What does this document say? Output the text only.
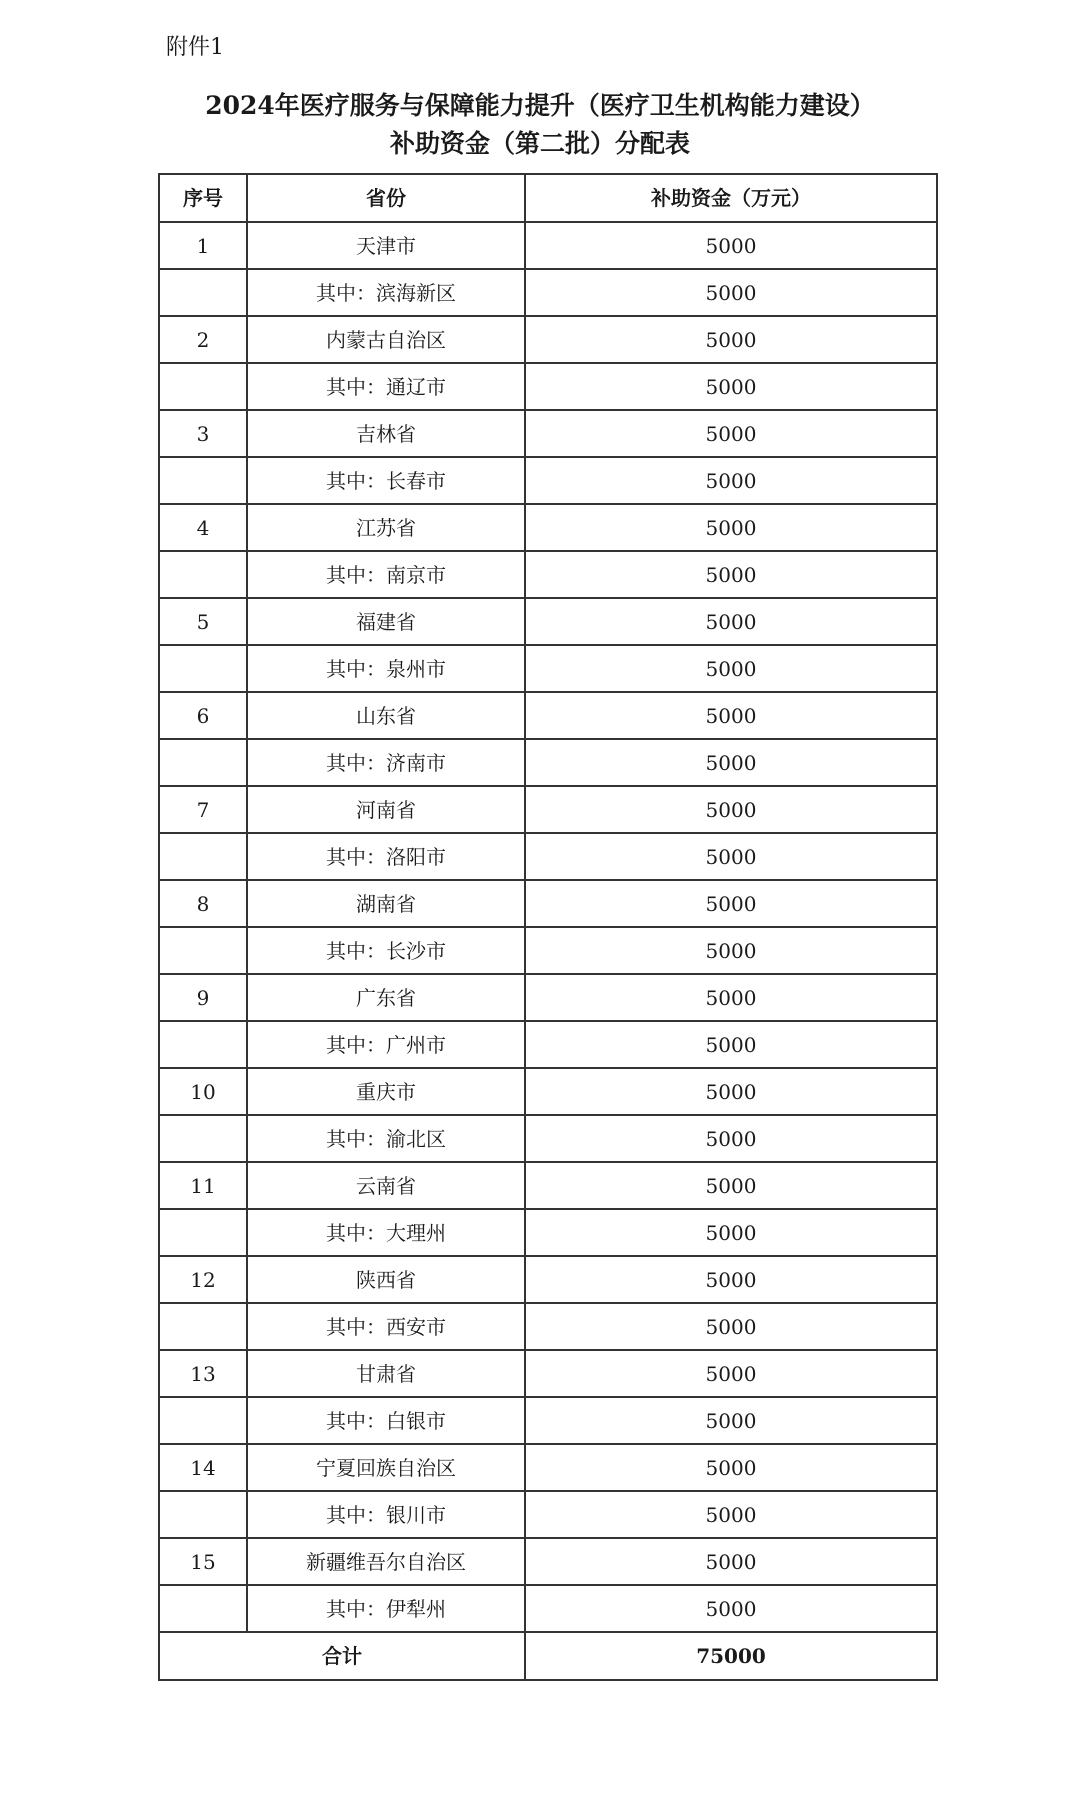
附件1
2024年医疗服务与保障能力提升（医疗卫生机构能力建设）
补助资金（第二批）分配表
序号	省份	补助资金（万元）
1	天津市	5000
	其中：滨海新区	5000
2	内蒙古自治区	5000
	其中：通辽市	5000
3	吉林省	5000
	其中：长春市	5000
4	江苏省	5000
	其中：南京市	5000
5	福建省	5000
	其中：泉州市	5000
6	山东省	5000
	其中：济南市	5000
7	河南省	5000
	其中：洛阳市	5000
8	湖南省	5000
	其中：长沙市	5000
9	广东省	5000
	其中：广州市	5000
10	重庆市	5000
	其中：渝北区	5000
11	云南省	5000
	其中：大理州	5000
12	陕西省	5000
	其中：西安市	5000
13	甘肃省	5000
	其中：白银市	5000
14	宁夏回族自治区	5000
	其中：银川市	5000
15	新疆维吾尔自治区	5000
	其中：伊犁州	5000
合计		75000
